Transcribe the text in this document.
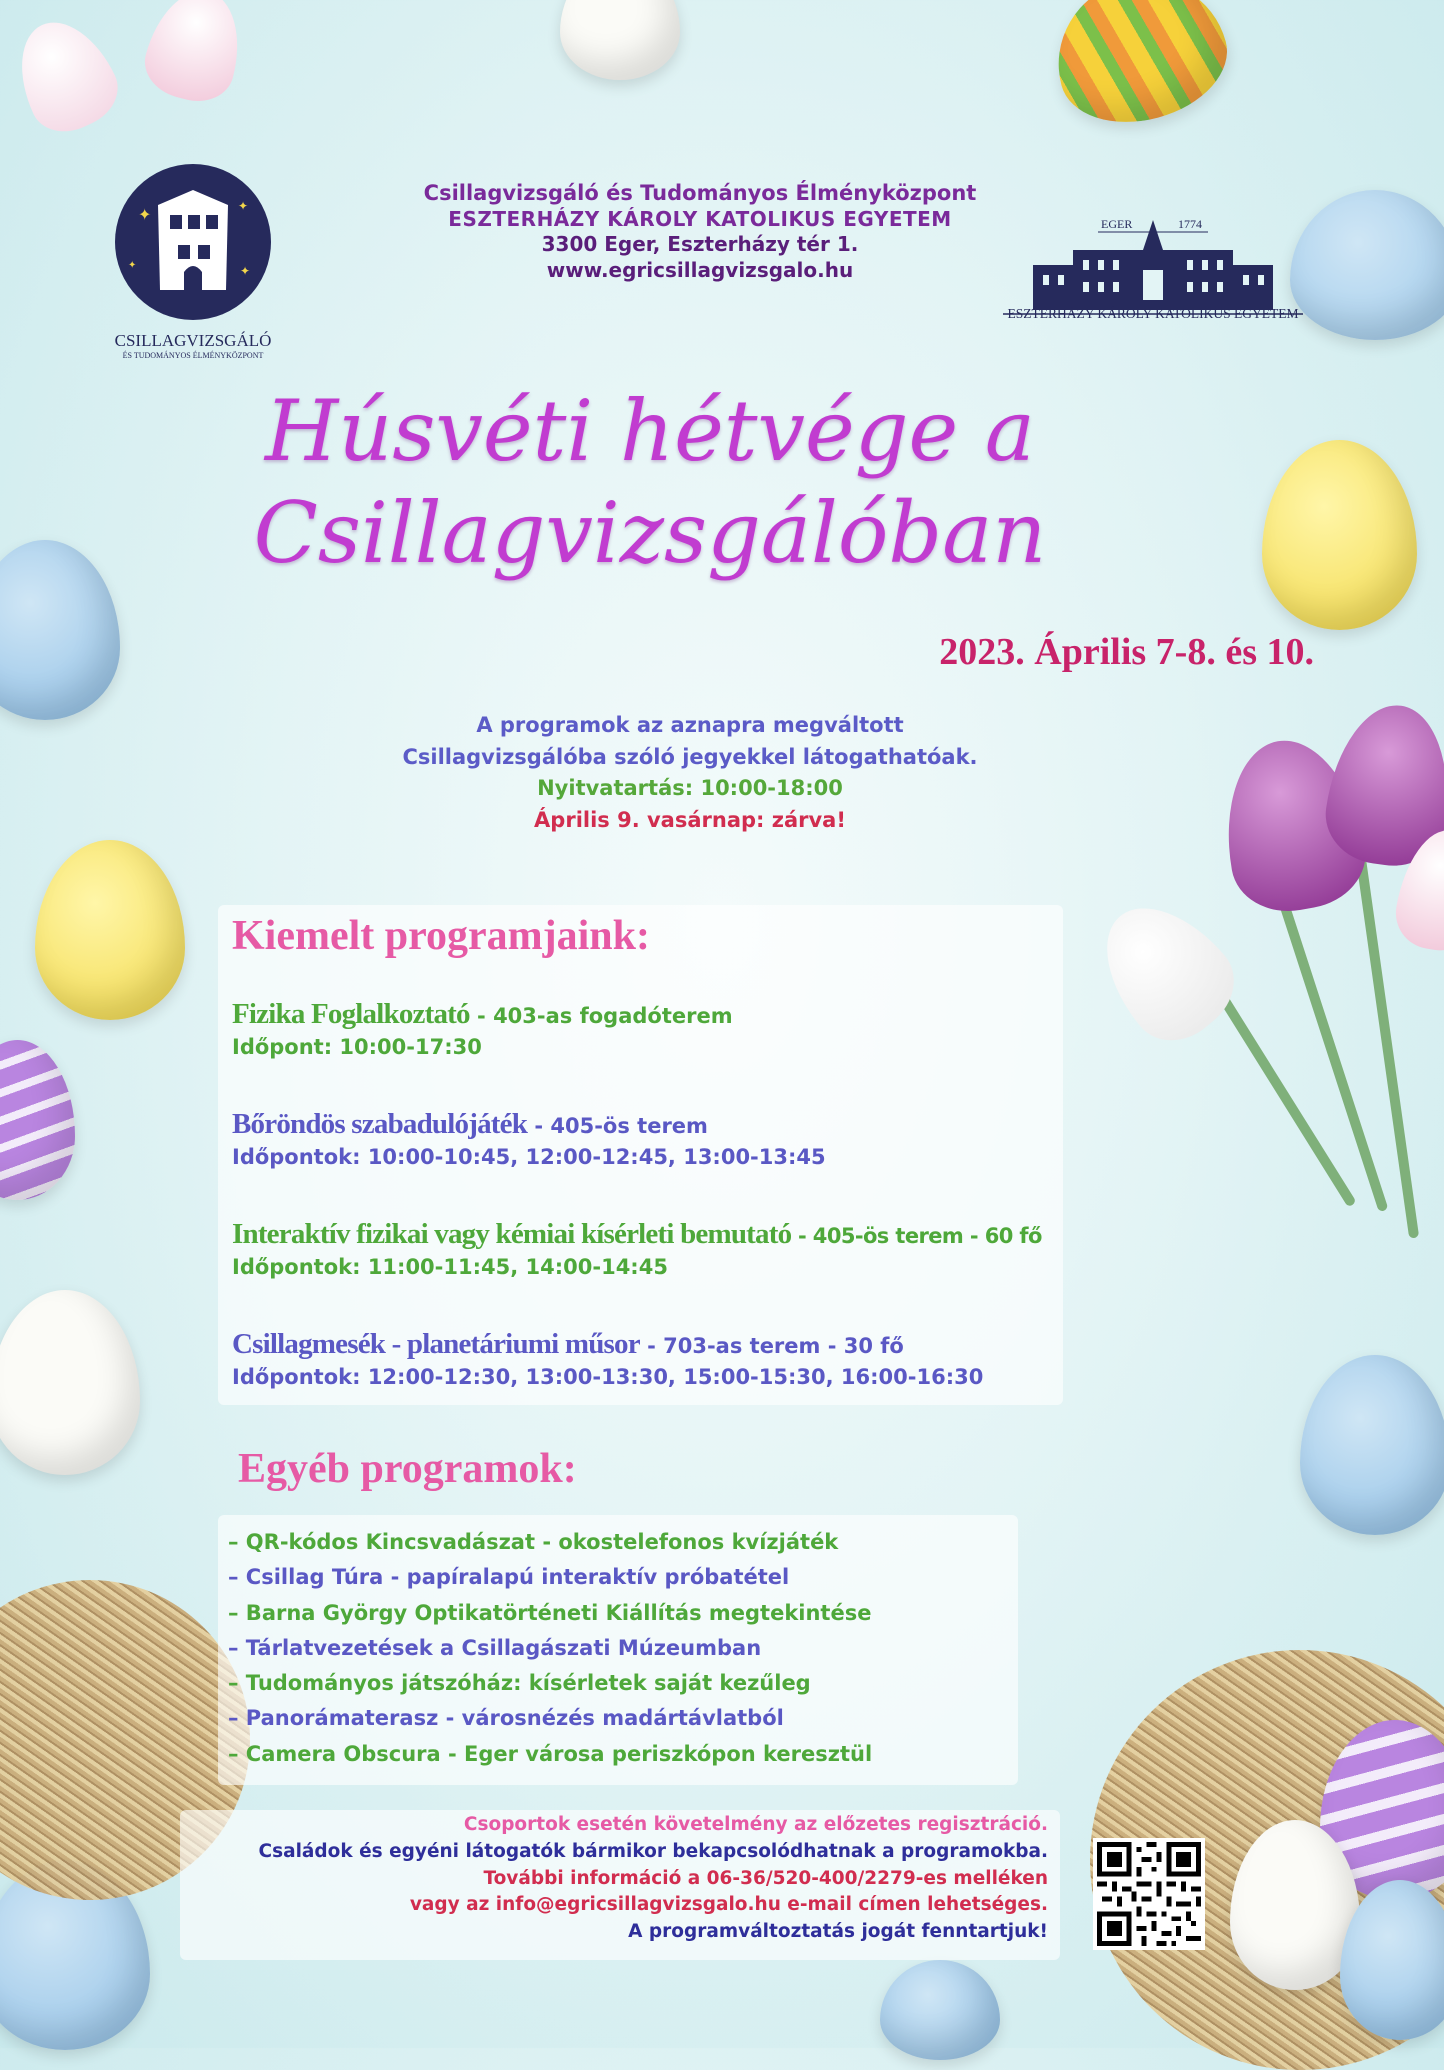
✦	✦
✦
✦
CSILLAGVIZSGÁLÓ
ÉS TUDOMÁNYOS ÉLMÉNYKÖZPONT
Csillagvizsgáló és Tudományos Élményközpont
ESZTERHÁZY KÁROLY KATOLIKUS EGYETEM
3300 Eger, Eszterházy tér 1.
www.egricsillagvizsgalo.hu
EGER	1774
ESZTERHÁZY KÁROLY KATOLIKUS EGYETEM
Húsvéti hétvége a
Csillagvizsgálóban
2023. Április 7-8. és 10.
A programok az aznapra megváltott
Csillagvizsgálóba szóló jegyekkel látogathatóak.
Nyitvatartás: 10:00-18:00
Április 9. vasárnap: zárva!
Kiemelt programjaink:
Fizika Foglalkoztató - 403-as fogadóterem
Időpont: 10:00-17:30
Bőröndös szabadulójáték - 405-ös terem
Időpontok: 10:00-10:45, 12:00-12:45, 13:00-13:45
Interaktív fizikai vagy kémiai kísérleti bemutató - 405-ös terem - 60 fő
Időpontok: 11:00-11:45, 14:00-14:45
Csillagmesék - planetáriumi műsor - 703-as terem - 30 fő
Időpontok: 12:00-12:30, 13:00-13:30, 15:00-15:30, 16:00-16:30
Egyéb programok:
– QR-kódos Kincsvadászat - okostelefonos kvízjáték
– Csillag Túra - papíralapú interaktív próbatétel
– Barna György Optikatörténeti Kiállítás megtekintése
– Tárlatvezetések a Csillagászati Múzeumban
– Tudományos játszóház: kísérletek saját kezűleg
– Panorámaterasz - városnézés madártávlatból
– Camera Obscura - Eger városa periszkópon keresztül
Csoportok esetén követelmény az előzetes regisztráció.
Családok és egyéni látogatók bármikor bekapcsolódhatnak a programokba.
További információ a 06-36/520-400/2279-es melléken
vagy az info@egricsillagvizsgalo.hu e-mail címen lehetséges.
A programváltoztatás jogát fenntartjuk!
